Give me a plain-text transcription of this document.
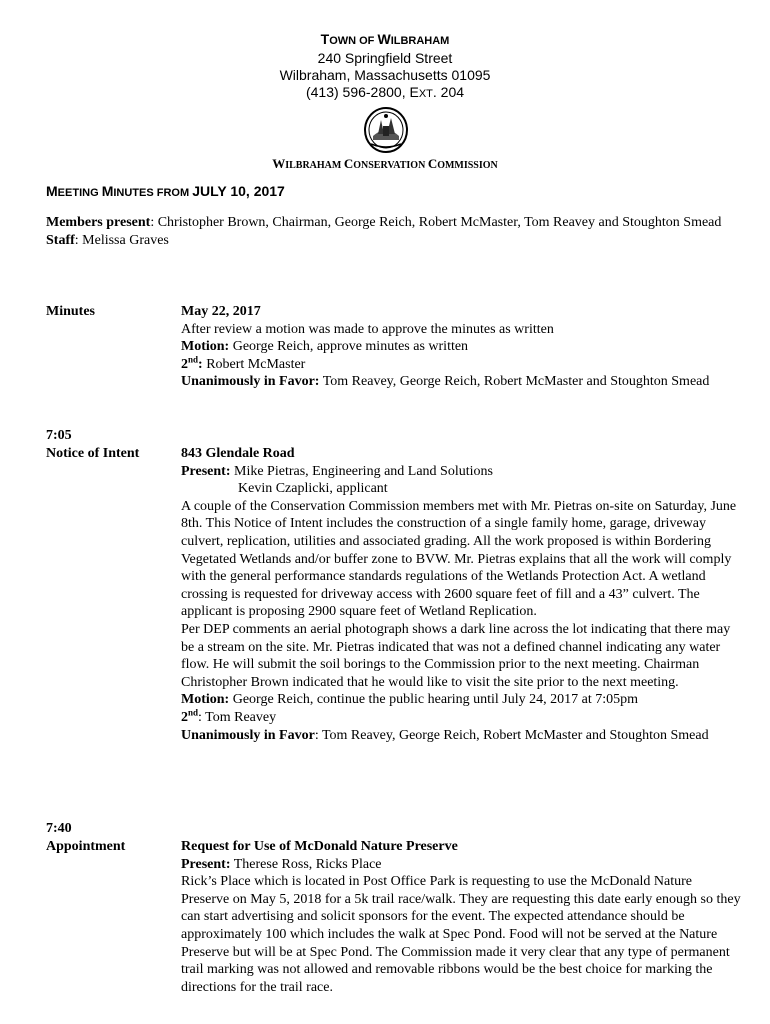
TOWN OF WILBRAHAM
240 Springfield Street
Wilbraham, Massachusetts 01095
(413) 596-2800, EXT. 204
WILBRAHAM CONSERVATION COMMISSION
MEETING MINUTES FROM JULY 10, 2017
Members present: Christopher Brown, Chairman, George Reich, Robert McMaster, Tom Reavey and Stoughton Smead
Staff: Melissa Graves
Minutes	May 22, 2017

After review a motion was made to approve the minutes as written

Motion: George Reich, approve minutes as written

2nd: Robert McMaster

Unanimously in Favor: Tom Reavey, George Reich, Robert McMaster and Stoughton Smead

7:05
Notice of Intent	843 Glendale Road

Present: Mike Pietras, Engineering and Land Solutions

Kevin Czaplicki, applicant

A couple of the Conservation Commission members met with Mr. Pietras on-site on Saturday, June 8th. This Notice of Intent includes the construction of a single family home, garage, driveway culvert, replication, utilities and associated grading. All the work proposed is within Bordering Vegetated Wetlands and/or buffer zone to BVW. Mr. Pietras explains that all the work will comply with the general performance standards regulations of the Wetlands Protection Act. A wetland crossing is requested for driveway access with 2600 square feet of fill and a 43” culvert. The applicant is proposing 2900 square feet of Wetland Replication.

Per DEP comments an aerial photograph shows a dark line across the lot indicating that there may be a stream on the site. Mr. Pietras indicated that was not a defined channel indicating any water flow. He will submit the soil borings to the Commission prior to the next meeting. Chairman Christopher Brown indicated that he would like to visit the site prior to the next meeting.

Motion: George Reich, continue the public hearing until July 24, 2017 at 7:05pm

2nd: Tom Reavey

Unanimously in Favor: Tom Reavey, George Reich, Robert McMaster and Stoughton Smead

7:40
Appointment	Request for Use of McDonald Nature Preserve

Present: Therese Ross, Ricks Place

Rick’s Place which is located in Post Office Park is requesting to use the McDonald Nature Preserve on May 5, 2018 for a 5k trail race/walk. They are requesting this date early enough so they can start advertising and solicit sponsors for the event. The expected attendance should be approximately 100 which includes the walk at Spec Pond. Food will not be served at the Nature Preserve but will be at Spec Pond. The Commission made it very clear that any type of permanent trail marking was not allowed and removable ribbons would be the best choice for marking the directions for the trail race.
